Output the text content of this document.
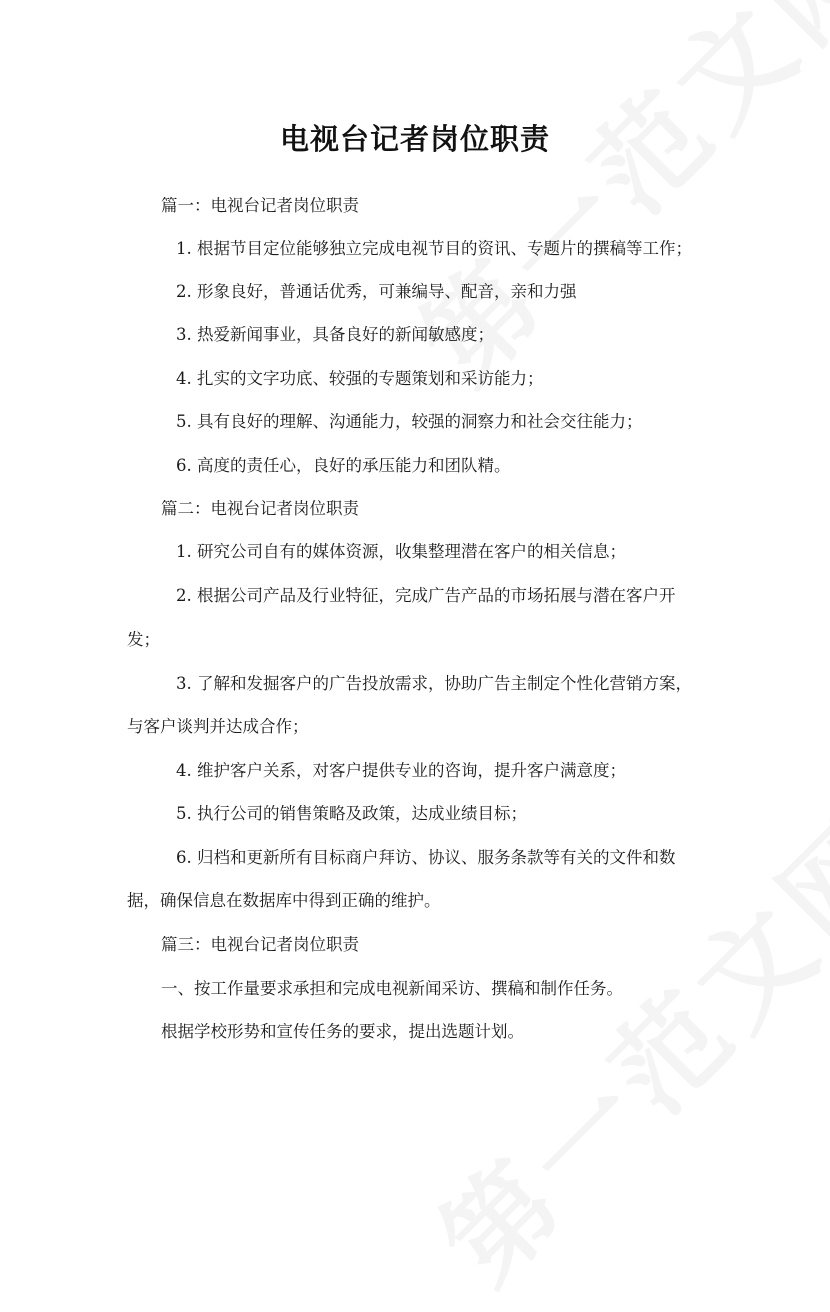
电视台记者岗位职责
篇一：电视台记者岗位职责
1. 根据节目定位能够独立完成电视节目的资讯、专题片的撰稿等工作；
2. 形象良好，普通话优秀，可兼编导、配音，亲和力强
3. 热爱新闻事业，具备良好的新闻敏感度；
4. 扎实的文字功底、较强的专题策划和采访能力；
5. 具有良好的理解、沟通能力，较强的洞察力和社会交往能力；
6. 高度的责任心，良好的承压能力和团队精。
篇二：电视台记者岗位职责
1. 研究公司自有的媒体资源，收集整理潜在客户的相关信息；
2. 根据公司产品及行业特征，完成广告产品的市场拓展与潜在客户开
发；
3. 了解和发掘客户的广告投放需求，协助广告主制定个性化营销方案，
与客户谈判并达成合作；
4. 维护客户关系，对客户提供专业的咨询，提升客户满意度；
5. 执行公司的销售策略及政策，达成业绩目标；
6. 归档和更新所有目标商户拜访、协议、服务条款等有关的文件和数
据，确保信息在数据库中得到正确的维护。
篇三：电视台记者岗位职责
一、按工作量要求承担和完成电视新闻采访、撰稿和制作任务。
根据学校形势和宣传任务的要求，提出选题计划。
